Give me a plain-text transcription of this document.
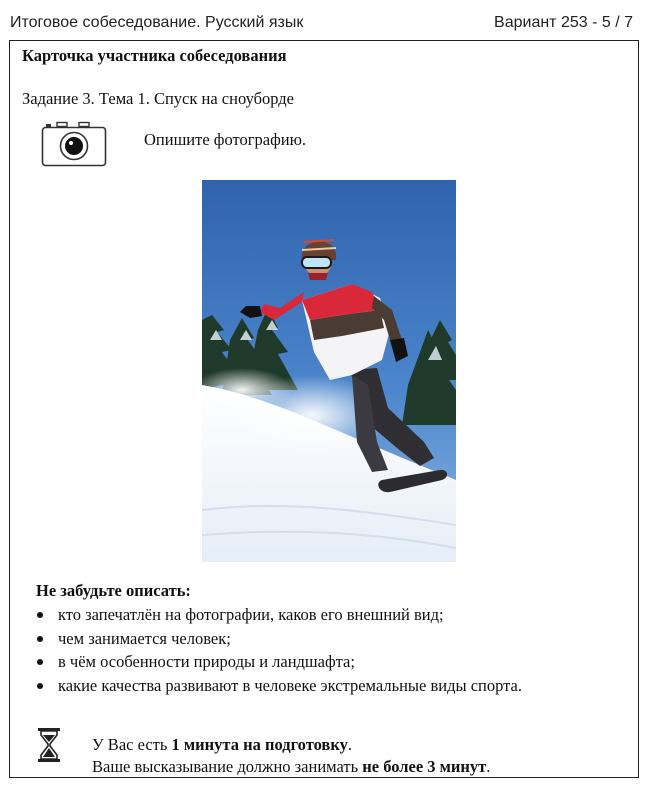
Итоговое собеседование. Русский язык	Вариант 253 - 5 / 7
Карточка участника собеседования
Задание 3. Тема 1. Спуск на сноуборде
Опишите фотографию.
Не забудьте описать:
кто запечатлён на фотографии, каков его внешний вид;
чем занимается человек;
в чём особенности природы и ландшафта;
какие качества развивают в человеке экстремальные виды спорта.
У Вас есть 1 минута на подготовку.
Ваше высказывание должно занимать не более 3 минут.
